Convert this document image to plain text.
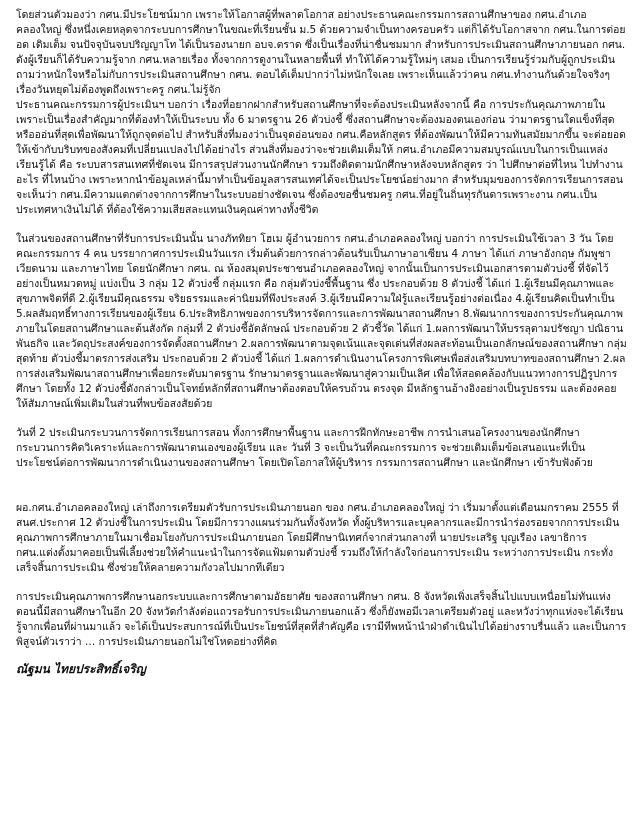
โดยส่วนตัวมองว่า กศน.มีประโยชน์มาก เพราะให้โอกาสผู้ที่พลาดโอกาส อย่างประธานคณะกรรมการสถานศึกษาของ กศน.อำเภอคลองใหญ่ ซึ่งหนึ่งเคยหลุดจากระบบการศึกษาในขณะที่เรียนชั้น ม.5 ด้วยความจำเป็นทางครอบครัว แต่ก็ได้รับโอกาสจาก กศน.ในการต่อยอด เดิมเต็ม จนปัจจุบันจบปริญญาโท ได้เป็นรองนายก อบจ.ตราด ซึ่งเป็นเรื่องที่น่าชื่นชมมาก สำหรับการประเมินสถานศึกษาภายนอก กศน. ดังผู้เรียนก็ได้รับความรู้จาก กศน.หลายเรื่อง ทั้งจากการดูงานในหลายพื้นที่ ทำให้ได้ความรู้ใหม่ๆ เสมอ เป็นการเรียนรู้ร่วมกับผู้ถูกประเมิน ถามว่าหนักใจหรือไม่กับการประเมินสถานศึกษา กศน. ตอบได้เต็มปากว่าไม่หนักใจเลย เพราะเห็นแล้วว่าคน กศน.ทำงานกันด้วยใจจริงๆ เรื่องวันหยุดไม่ต้องพูดถึงเพราะครู กศน.ไม่รู้จัก

ประธานคณะกรรมการผู้ประเมินฯ บอกว่า เรื่องที่อยากฝากสำหรับสถานศึกษาที่จะต้องประเมินหลังจากนี้ คือ การประกันคุณภาพภายใน เพราะเป็นเรื่องสำคัญมากที่ต้องทำให้เป็นระบบ ทั้ง 6 มาตรฐาน 26 ตัวบ่งชี้ ซึ่งสถานศึกษาจะต้องมองตนเองก่อน ว่ามาตรฐานใดแข็งที่สุดหรือออ่นที่สุดเพื่อพัฒนาให้ถูกจุดต่อไป สำหรับสิ่งที่มองว่าเป็นจุดอ่อนของ กศน.คือหลักสูตร ที่ต้องพัฒนาให้มีความทันสมัยมากขึ้น จะต่อยอดให้เข้ากับบริบทของสังคมที่เปลี่ยนแปลงไปได้อย่างไร ส่วนสิ่งที่มองว่าจะช่วยเติมเต็มให้ กศน.อำเภอมีความสมบูรณ์แบบในการเป็นแหล่งเรียนรู้ได้ คือ ระบบสารสนเทศที่ชัดเจน มีการสรุปส่วนงานนักศึกษา รวมถึงติดตามนักศึกษาหลังจบหลักสูตร ว่า ไปศึกษาต่อที่ไหน ไปทำงานอะไร ที่ไหนบ้าง เพราะหากนำข้อมูลเหล่านี้มาทำเป็นข้อมูลสารสนเทศได้จะเป็นประโยชน์อย่างมาก สำหรับมุมของการจัดการเรียนการสอน จะเห็นว่า กศน.มีความแตกต่างจากการศึกษาในระบบอย่างชัดเจน ซึ่งต้องขอชื่นชมครู กศน.ที่อยู่ในถิ่นทุรกันดารเพราะงาน กศน.เป็นประเทศหาเงินไม่ได้ ที่ต้องใช้ความเสียสละแทนเงินคุณค่าทางทั้งชีวิต

ในส่วนของสถานศึกษาที่รับการประเมินนั้น นางภัททิยา โฮเม ผู้อำนวยการ กศน.อำเภอคลองใหญ่ บอกว่า การประเมินใช้เวลา 3 วัน โดยคณะกรรมการ 4 คน บรรยากาศการประเมินวันแรก เริ่มต้นด้วยการกล่าวต้อนรับเป็นภาษาอาเซียน 4 ภาษา ได้แก่ ภาษาอังกฤษ กัมพูชา เวียดนาม และภาษาไทย โดยนักศึกษา กศน. ณ ห้องสมุดประชาชนอำเภอคลองใหญ่ จากนั้นเป็นการประเมินเอกสารตามตัวบ่งชี้ ที่จัดไว้อย่างเป็นหมวดหมู่ แบ่งเป็น 3 กลุ่ม 12 ตัวบ่งชี้ กลุ่มแรก คือ กลุ่มตัวบ่งชี้พื้นฐาน ซึ่ง ประกอบด้วย 8 ตัวบ่งชี้ ได้แก่ 1.ผู้เรียนมีคุณภาพและสุขภาพจิตที่ดี 2.ผู้เรียนมีคุณธรรม จริยธรรมและค่านิยมที่พึงประสงค์ 3.ผู้เรียนมีความใฝ่รู้และเรียนรู้อย่างต่อเนื่อง 4.ผู้เรียนคิดเป็นทำเป็น 5.ผลสัมฤทธิ์ทางการเรียนของผู้เรียน 6.ประสิทธิภาพของการบริหารจัดการและการพัฒนาสถานศึกษา 8.พัฒนาการของการประกันคุณภาพภายในโดยสถานศึกษาและต้นสังกัด กลุ่มที่ 2 ตัวบ่งชี้อัตลักษณ์ ประกอบด้วย 2 ตัวชี้วัด ได้แก่ 1.ผลการพัฒนาให้บรรลุตามปรัชญา ปณิธาน พันธกิจ และวัตถุประสงค์ของการจัดตั้งสถานศึกษา 2.ผลการพัฒนาตามจุดเน้นและจุดเด่นที่ส่งผลสะท้อนเป็นเอกลักษณ์ของสถานศึกษา กลุ่มสุดท้าย ตัวบ่งชี้มาตรการส่งเสริม ประกอบด้วย 2 ตัวบ่งชี้ ได้แก่ 1.ผลการดำเนินงานโครงการพิเศษเพื่อส่งเสริมบทบาทของสถานศึกษา 2.ผลการส่งเสริมพัฒนาสถานศึกษาเพื่อยกระดับมาตรฐาน รักษามาตรฐานและพัฒนาสู่ความเป็นเลิศ เพื่อให้สอดคล้องกับแนวทางการปฏิรูปการศึกษา โดยทั้ง 12 ตัวบ่งชี้ดังกล่าวเป็นโจทย์หลักที่สถานศึกษาต้องตอบให้ครบถ้วน ตรงจุด มีหลักฐานอ้างอิงอย่างเป็นรูปธรรม และต้องคอยให้สัมภาษณ์เพิ่มเติมในส่วนที่พบข้อสงสัยด้วย

วันที่ 2 ประเมินกระบวนการจัดการเรียนการสอน ทั้งการศึกษาพื้นฐาน และการฝึกทักษะอาชีพ การนำเสนอโครงงานของนักศึกษา กระบวนการคิดวิเคราะห์และการพัฒนาตนเองของผู้เรียน และ วันที่ 3 จะเป็นวันที่คณะกรรมการ จะช่วยเติมเต็มข้อเสนอแนะที่เป็นประโยชน์ต่อการพัฒนาการดำเนินงานของสถานศึกษา โดยเปิดโอกาสให้ผู้บริหาร กรรมการสถานศึกษา และนักศึกษา เข้ารับฟังด้วย

ผอ.กศน.อำเภอคลองใหญ่ เล่าถึงการเตรียมตัวรับการประเมินภายนอก ของ กศน.อำเภอคลองใหญ่ ว่า เริ่มมาตั้งแต่เดือนมกราคม 2555 ที่ สนศ.ประกาศ 12 ตัวบ่งชี้ในการประเมิน โดยมีการวางแผนร่วมกันทั้งจังหวัด ทั้งผู้บริหารและบุคลากรและมีการนำร่องรอยจากการประเมินคุณภาพการศึกษาภายในมาเชื่อมโยงกับการประเมินภายนอก โดยมีศึกษานิเทศก์จากส่วนกลางที่ นายประเสริฐ บุญเรือง เลขาธิการ กศน.แต่งตั้งมาคอยเป็นพี่เลี้ยงช่วยให้คำแนะนำในการจัดแฟ้มตามตัวบ่งชี้ รวมถึงให้กำลังใจก่อนการประเมิน ระหว่างการประเมิน กระทั่งเสร็จสิ้นการประเมิน ซึ่งช่วยให้คลายความกังวลไปมากทีเดียว

การประเมินคุณภาพการศึกษานอกระบบและการศึกษาตามอัธยาศัย ของสถานศึกษา กศน. 8 จังหวัดเพิ่งเสร็จสิ้นไปแบบเหนื่อยไม่ทันแห่ง ตอนนี้มีสถานศึกษาในอีก 20 จังหวัดกำลังต่อแถวรอรับการประเมินภายนอกแล้ว ซึ่งก็ยังพอมีเวลาเตรียมตัวอยู่ และหวังว่าทุกแห่งจะได้เรียนรู้จากเพื่อนที่ผ่านมาแล้ว จะได้เป็นประสบการณ์ที่เป็นประโยชน์ที่สุดที่สำคัญคือ เรามีทีพหน้านำฝ่าดำเนินไปได้อย่างราบรื่นแล้ว และเป็นการพิสูจน์ตัวเราว่า … การประเมินภายนอกไม่ใช่โหดอย่างที่คิด

ณัฐมน ไทยประสิทธิ์เจริญ
